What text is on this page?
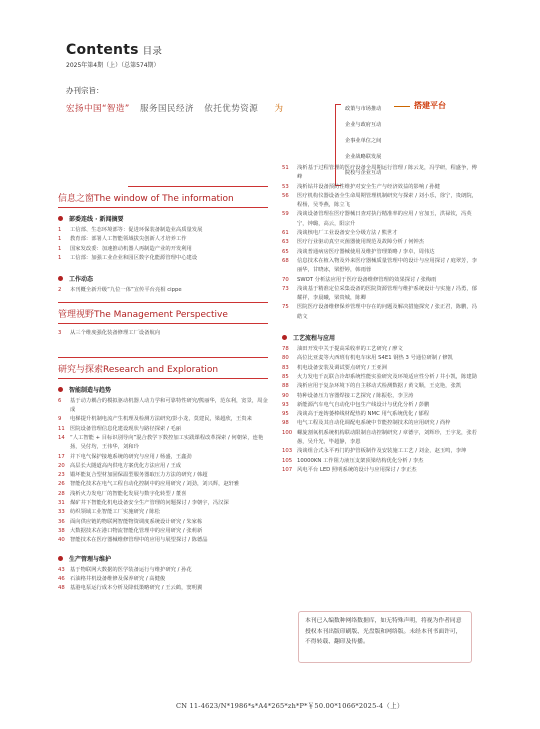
Contents 目录
2025年第4期（上）（总第574期）
办刊宗旨：
宏扬中国“智造” 服务国民经济 依托优势资源 为	政策与市场推动
企业与政府互动
企事业单位之间
企业战略联发展
院校与企业互动
搭建平台
信息之窗The window of The information
部委连线 · 新闻摘要
1	工信部、生态环境部等：促进环保装备制造业高质量发展
1	教育部：部署人工智能领域拔尖创新人才培养工作
1	国家发改委：加速推动机器人再制造产业的开发利用
1	工信部：加强工业企业和园区数字化能源管理中心建设
工作动态
2	本刊概全新升级“九位一体”宣传平台亮相 cippe
管理视野The Management Perspective
3	从三个维度强化装备修理工厂设备航向
研究与探索Research and Exploration
智能制造与趋势
6	基于动力耦合的模拟驱动机器人动力学和可靠特性研究/熊丽华，范东利，宽景，周金成
9	电梯提升机制电流产生机理及检测方法研究/彭小龙，莫建民，梁超欣，王贵来
11 医院设备管理信息化建设现状与路径探索 / 毛丽
14 “人工智能 + 目标识别导向”混合教学下数控加工实践课程改革探索 / 何朝荣，连艳扬，吴付均，王伟华，刘和玲
17 并下电气保护接地系统的研究与应用 / 杨盛，王鑫劲
20 高层长大隧道高内供电方案优化方法应用 / 王成
23 锻坏能复合型材加固保温型服务器取压力方法的研究 / 韩超
26 智能化技术在电气工程自动化控制中的应用研究 / 刘劲，刘兴辉，赵轩雅
28 浅析火力发电厂的智能化发展与数字化转型 / 董喜
31 煤矿井下智能化机电设备安全生产管理的问题探讨 / 李朝宇，冯汉深
33 纺织领域工业智能工厂实施研究 / 陈松
36 面向供应链的物联网智能物资调度系统设计研究 / 朱家栋
38 大数据技术在港口物流智能化管理中的应用研究 / 张莉新
40 智能技术在医疗器械维修管理中的应用与展望探讨 / 陈德晶
生产管理与维护
43 基于物联网大数据的医学装备运行与维护研究 / 孙花
46 石油格井机设备维修及保养研究 / 高健俊
48 基港电泵运行成本分析及降低策略研究 / 王云鹤，窦明翼
51	浅析基于过程管理的医疗设备全周期运行管理 / 陈云龙，冯学研，程盛争，傅峰
53	浅析钻井设备预防性维护对安全生产与经济效益的影响 / 孙健
56	医疗机构仪器设备全生命周期管理机制研究与探索 / 刘小乐，徐宁，贵朗院，程杨，吴苓燕，陈立飞
59	浅谈设备管理在医疗器械日查对执行精准率的应用 / 官加玉，洪禄钦，冯英宁，钟璐，高云，阳宗升
61	浅谈核电厂工业设备安全分级方法 / 熊世才
63	医疗行业驱动真空灭菌器使用规范及故障分析 / 何钟杰
65	浅谈普通病房医疗器械使用及维护管理策略 / 李卓，周伟达
68	信息技术在植入物及外来医疗器械质量管理中的设计与应用探讨 / 庭翠芳，李丽华，甘晓冰，梁舒婷，韩雨蓉
70	SWOT 分析法应用于医疗设备维修管理的效果探讨 / 张梅雨
73	浅谈基于精准定位采集设备的医院资源管理与维护系统设计与实施 / 冯勇，郁耀祥，李晨曦，梁贵城，陈卿
75	医院医疗设备维修保养管理中存在的问题及解决措施探究 / 张正君，陈鹏，冯皓文
工艺流程与应用
78	油田开发中关于提高采收率的工艺研究 / 廖文
80	高位比亚麦等大西班有机电车床用 S4E1 钢热 3 号通位研制 / 修凯
83	机电设备安装及调试要点研究 / 王亚洲
85	火力发电千瓦联合冷却系统性能实验研究及环境适应性分析 / 井小凯，陈建勋
88	浅析应用于复杂环境下的自主移动式检测数据 / 黄文顺，王克艳，张凯
90	特种设备压力容器焊接工艺探究 / 陈振松，李卫涛
93	新能源汽车电气自动化中包生产线设计与优化分析 / 彭鹏
95	浅谈高于连铸萎棒线材配热的 NMC 用气系统优化 / 郁程
98	电气工程及其自动化调配电系统中节能控制技术的应用研究 / 尚梓
100 螺旋割氧机系统机构联动限制自动控制研究 / 章德宇，刘辉珍，王宇龙，张若愚，吴升光，毕超静，李恩
103 浅谈组合式永平再门的护管板制作及安装施工工艺 / 刘金，赵玉鸣，李坤
105 10000KN 工作阻力液压支架顶梁结构优化分析 / 李杰
107 风电平台 LED 照明系统的设计与应用探讨 / 李正杰
本刊已入编数种网络数据库，如无特殊声明，将视为作者同意授权本刊出版印刷版、光盘版和网络版。未经本刊书面许可，不得转载、翻印及传播。
CN 11-4623/N*1986*s*A4*265*zh*P*￥50.00*1066*2025-4（上）
